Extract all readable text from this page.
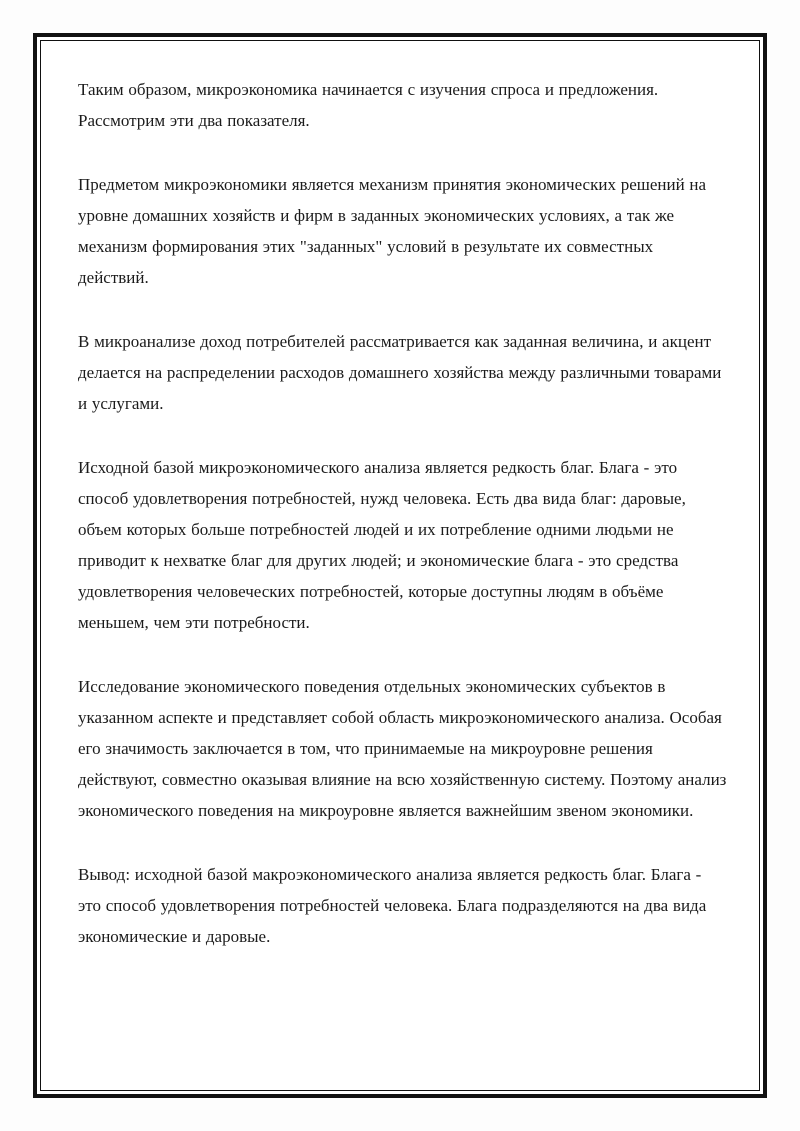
Таким образом, микроэкономика начинается с изучения спроса и предложения. Рассмотрим эти два показателя.

Предметом микроэкономики является механизм принятия экономических решений на уровне домашних хозяйств и фирм в заданных экономических условиях, а так же механизм формирования этих "заданных" условий в результате их совместных действий.

В микроанализе доход потребителей рассматривается как заданная величина, и акцент делается на распределении расходов домашнего хозяйства между различными товарами и услугами.

Исходной базой микроэкономического анализа является редкость благ. Блага - это способ удовлетворения потребностей, нужд человека. Есть два вида благ: даровые, объем которых больше потребностей людей и их потребление одними людьми не приводит к нехватке благ для других людей; и экономические блага - это средства удовлетворения человеческих потребностей, которые доступны людям в объёме меньшем, чем эти потребности.

Исследование экономического поведения отдельных экономических субъектов в указанном аспекте и представляет собой область микроэкономического анализа. Особая его значимость заключается в том, что принимаемые на микроуровне решения действуют, совместно оказывая влияние на всю хозяйственную систему. Поэтому анализ экономического поведения на микроуровне является важнейшим звеном экономики.

Вывод: исходной базой макроэкономического анализа является редкость благ. Блага - это способ удовлетворения потребностей человека. Блага подразделяются на два вида экономические и даровые.
